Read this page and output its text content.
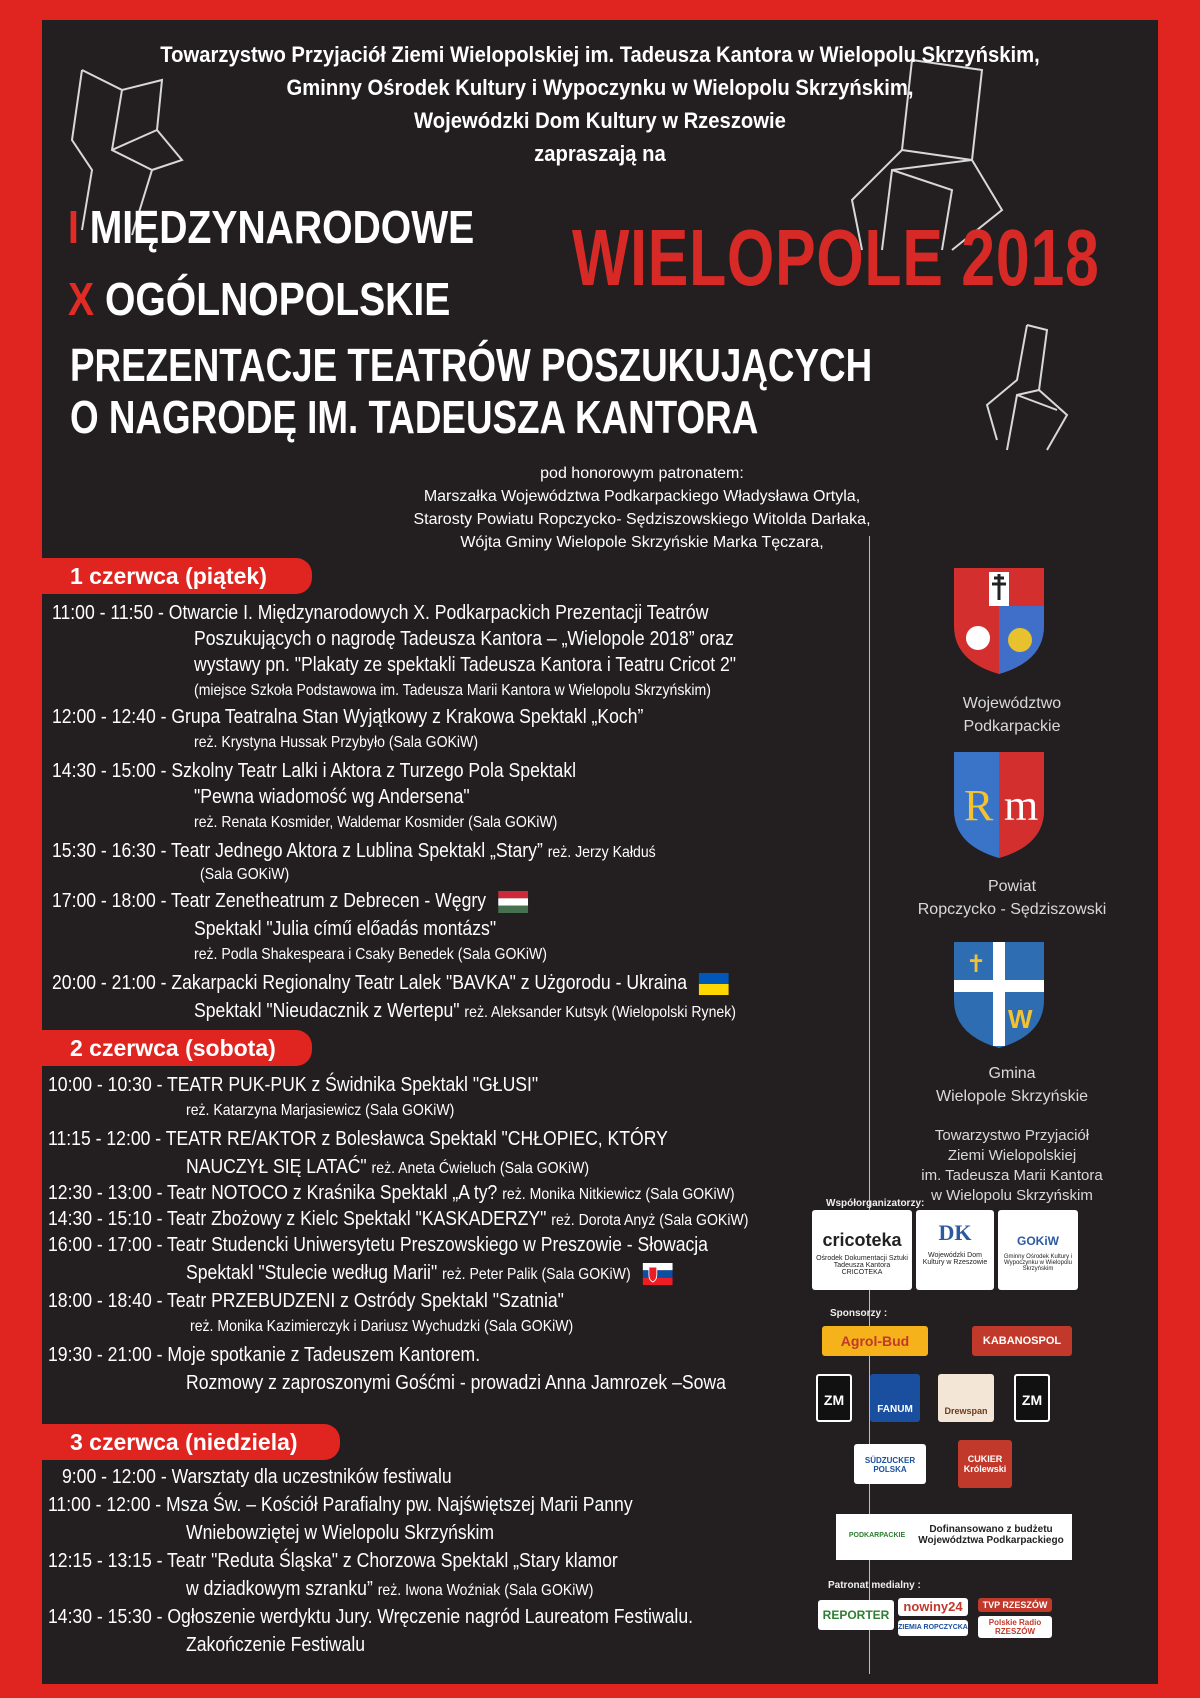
Towarzystwo Przyjaciół Ziemi Wielopolskiej im. Tadeusza Kantora w Wielopolu Skrzyńskim,
Gminny Ośrodek Kultury i Wypoczynku w Wielopolu Skrzyńskim,
Wojewódzki Dom Kultury w Rzeszowie
zapraszają na
I MIĘDZYNARODOWE
X OGÓLNOPOLSKIE WIELOPOLE 2018
PREZENTACJE TEATRÓW POSZUKUJĄCYCH
O NAGRODĘ IM. TADEUSZA KANTORA
pod honorowym patronatem:
Marszałka Województwa Podkarpackiego Władysława Ortyla,
Starosty Powiatu Ropczycko- Sędziszowskiego Witolda Darłaka,
Wójta Gminy Wielopole Skrzyńskie Marka Tęczara,
1 czerwca (piątek)
11:00 - 11:50 - Otwarcie I. Międzynarodowych X. Podkarpackich Prezentacji Teatrów
Poszukujących o nagrodę Tadeusza Kantora – „Wielopole 2018” oraz
wystawy pn. "Plakaty ze spektakli Tadeusza Kantora i Teatru Cricot 2"
(miejsce Szkoła Podstawowa im. Tadeusza Marii Kantora w Wielopolu Skrzyńskim)
12:00 - 12:40 - Grupa Teatralna Stan Wyjątkowy z Krakowa Spektakl „Koch”
reż. Krystyna Hussak Przybyło (Sala GOKiW)
14:30 - 15:00 - Szkolny Teatr Lalki i Aktora z Turzego Pola Spektakl
"Pewna wiadomość wg Andersena"
reż. Renata Kosmider, Waldemar Kosmider (Sala GOKiW)
15:30 - 16:30 - Teatr Jednego Aktora z Lublina Spektakl „Stary” reż. Jerzy Kałduś
(Sala GOKiW)
17:00 - 18:00 - Teatr Zenetheatrum z Debrecen - Węgry
Spektakl "Julia című előadás montázs"
reż. Podla Shakespeara i Csaky Benedek (Sala GOKiW)
20:00 - 21:00 - Zakarpacki Regionalny Teatr Lalek "BAVKA" z Użgorodu - Ukraina
Spektakl "Nieudacznik z Wertepu" reż. Aleksander Kutsyk (Wielopolski Rynek)
2 czerwca (sobota)
10:00 - 10:30 - TEATR PUK-PUK z Świdnika Spektakl "GŁUSI"
reż. Katarzyna Marjasiewicz (Sala GOKiW)
11:15 - 12:00 - TEATR RE/AKTOR z Bolesławca Spektakl "CHŁOPIEC, KTÓRY
NAUCZYŁ SIĘ LATAĆ" reż. Aneta Ćwieluch (Sala GOKiW)
12:30 - 13:00 - Teatr NOTOCO z Kraśnika Spektakl „A ty? reż. Monika Nitkiewicz (Sala GOKiW)
14:30 - 15:10 - Teatr Zbożowy z Kielc Spektakl "KASKADERZY" reż. Dorota Anyż (Sala GOKiW)
16:00 - 17:00 - Teatr Studencki Uniwersytetu Preszowskiego w Preszowie - Słowacja
Spektakl "Stulecie według Marii" reż. Peter Palik (Sala GOKiW)
18:00 - 18:40 - Teatr PRZEBUDZENI z Ostródy Spektakl "Szatnia"
reż. Monika Kazimierczyk i Dariusz Wychudzki (Sala GOKiW)
19:30 - 21:00 - Moje spotkanie z Tadeuszem Kantorem.
Rozmowy z zaproszonymi Gośćmi - prowadzi Anna Jamrozek –Sowa
3 czerwca (niedziela)
9:00 - 12:00 - Warsztaty dla uczestników festiwalu
11:00 - 12:00 - Msza Św. – Kościół Parafialny pw. Najświętszej Marii Panny
Wniebowziętej w Wielopolu Skrzyńskim
12:15 - 13:15 - Teatr "Reduta Śląska" z Chorzowa Spektakl „Stary klamor
w dziadkowym szranku” reż. Iwona Woźniak (Sala GOKiW)
14:30 - 15:30 - Ogłoszenie werdyktu Jury. Wręczenie nagród Laureatom Festiwalu.
Zakończenie Festiwalu
Województwo
Podkarpackie
R m
Powiat
Ropczycko - Sędziszowski
✝
W
Gmina
Wielopole Skrzyńskie
Towarzystwo Przyjaciół
Ziemi Wielopolskiej
im. Tadeusza Marii Kantora
w Wielopolu Skrzyńskim
Współorganizatorzy:
cricoteka
Ośrodek Dokumentacji Sztuki Tadeusza Kantora CRICOTEKA
DK
Wojewódzki Dom Kultury w Rzeszowie
GOKiW
Gminny Ośrodek Kultury i Wypoczynku w Wielopolu Skrzyńskim
Sponsorzy :
Agrol-Bud	KABANOSPOL
ZM
FANUM	Drewspan
ZM
SÜDZUCKER POLSKA
CUKIER Królewski
PODKARPACKIE
Dofinansowano z budżetu Województwa Podkarpackiego
Patronat medialny :
REPORTER
nowiny24
ZIEMIA ROPCZYCKA
TVP RZESZÓW
Polskie Radio RZESZÓW
